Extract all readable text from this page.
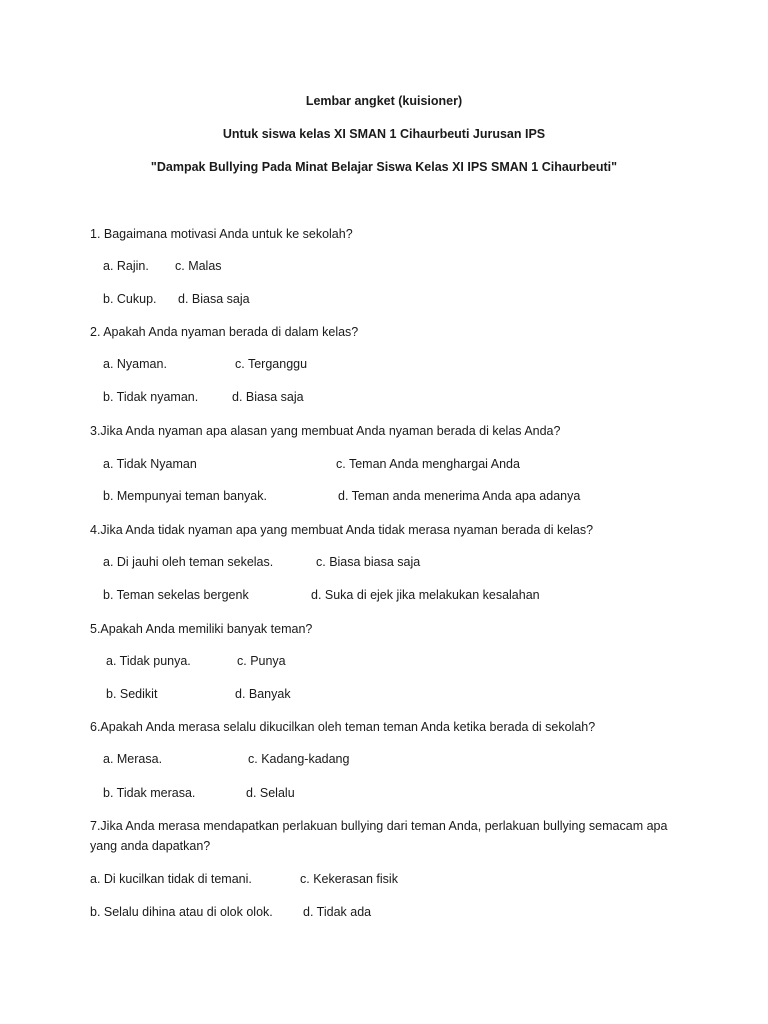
Lembar angket (kuisioner)
Untuk siswa kelas XI SMAN 1 Cihaurbeuti Jurusan IPS
"Dampak Bullying Pada Minat Belajar Siswa Kelas XI IPS SMAN 1 Cihaurbeuti"
1. Bagaimana motivasi Anda untuk ke sekolah?
a. Rajin. c. Malas
b. Cukup. d. Biasa saja
2. Apakah Anda nyaman berada di dalam kelas?
a. Nyaman.	c. Terganggu
b. Tidak nyaman.	d. Biasa saja
3.Jika Anda nyaman apa alasan yang membuat Anda nyaman berada di kelas Anda?
a. Tidak Nyaman	c. Teman Anda menghargai Anda
b. Mempunyai teman banyak.	d. Teman anda menerima Anda apa adanya
4.Jika Anda tidak nyaman apa yang membuat Anda tidak merasa nyaman berada di kelas?
a. Di jauhi oleh teman sekelas.	c. Biasa biasa saja
b. Teman sekelas bergenk	d. Suka di ejek jika melakukan kesalahan
5.Apakah Anda memiliki banyak teman?
a. Tidak punya.	c. Punya
b. Sedikit	d. Banyak
6.Apakah Anda merasa selalu dikucilkan oleh teman teman Anda ketika berada di sekolah?
a. Merasa.	c. Kadang-kadang
b. Tidak merasa.	d. Selalu
7.Jika Anda merasa mendapatkan perlakuan bullying dari teman Anda, perlakuan bullying semacam apa yang anda dapatkan?
a. Di kucilkan tidak di temani.	c. Kekerasan fisik
b. Selalu dihina atau di olok olok. d. Tidak ada
